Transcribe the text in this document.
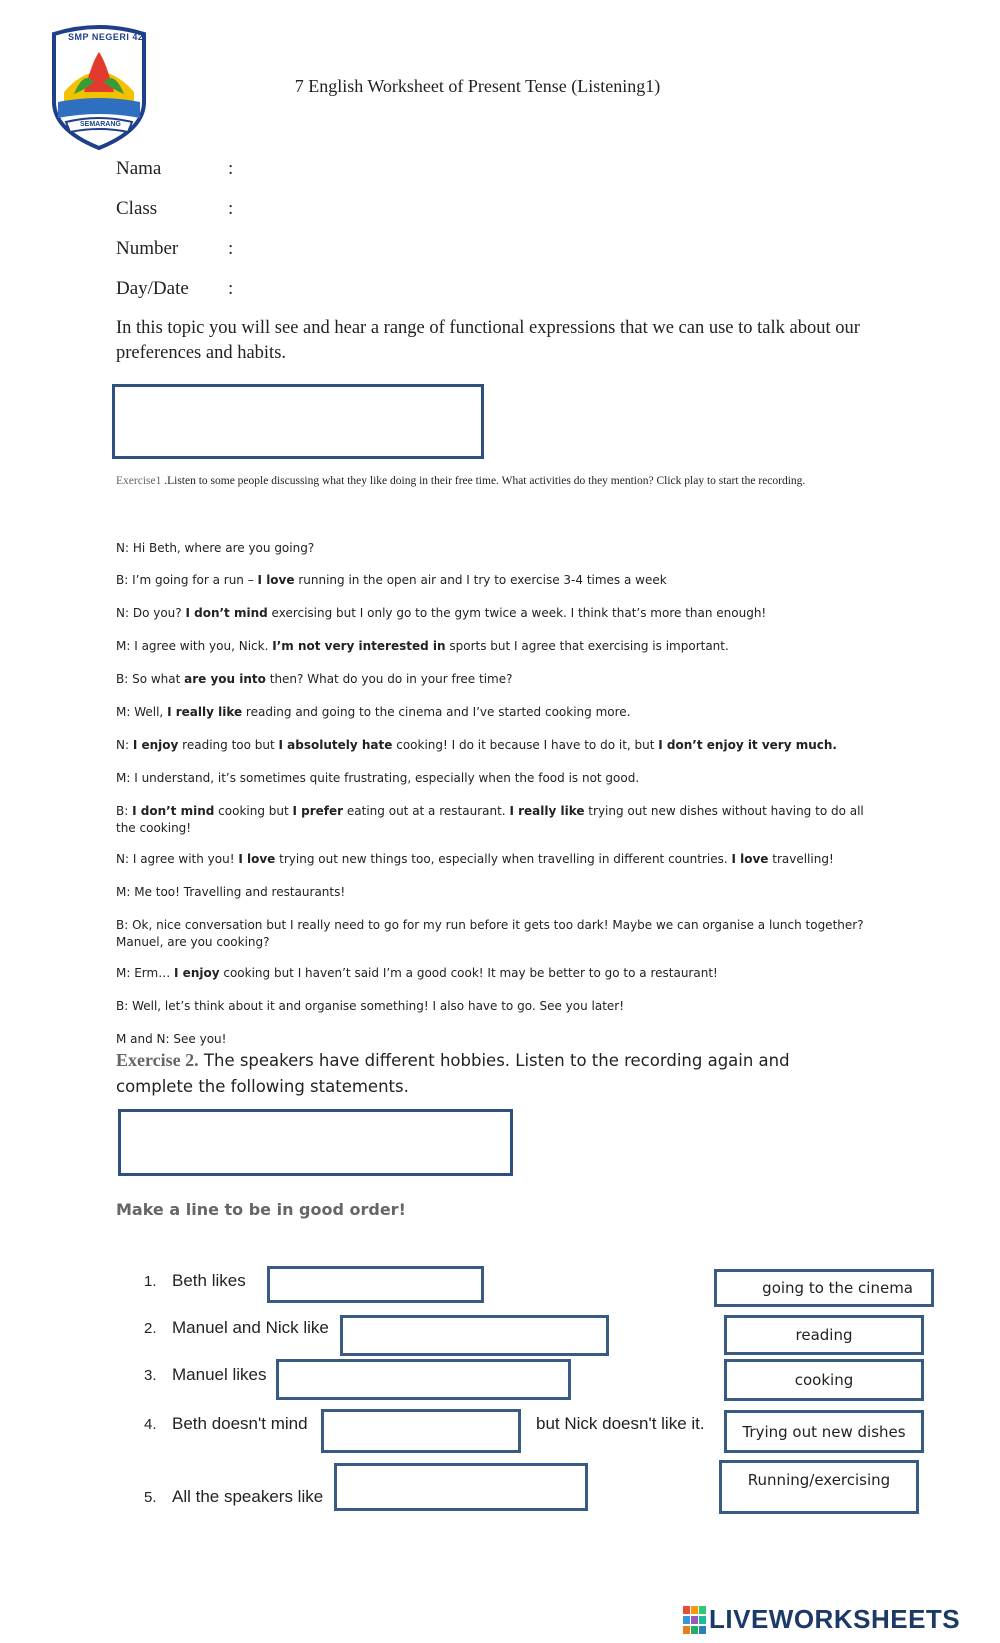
SMP NEGERI 42
SEMARANG
7 English Worksheet of Present Tense (Listening1)
Nama	:
Class	:
Number	:
Day/Date :
In this topic you will see and hear a range of functional expressions that we can use to talk about our preferences and habits.
Exercise1 .Listen to some people discussing what they like doing in their free time. What activities do they mention? Click play to start the recording.
N: Hi Beth, where are you going?
B: I’m going for a run – I love running in the open air and I try to exercise 3-4 times a week
N: Do you? I don’t mind exercising but I only go to the gym twice a week. I think that’s more than enough!
M: I agree with you, Nick. I’m not very interested in sports but I agree that exercising is important.
B: So what are you into then? What do you do in your free time?
M: Well, I really like reading and going to the cinema and I’ve started cooking more.
N: I enjoy reading too but I absolutely hate cooking! I do it because I have to do it, but I don’t enjoy it very much.
M: I understand, it’s sometimes quite frustrating, especially when the food is not good.
B: I don’t mind cooking but I prefer eating out at a restaurant. I really like trying out new dishes without having to do all the cooking!
N: I agree with you! I love trying out new things too, especially when travelling in different countries. I love travelling!
M: Me too! Travelling and restaurants!
B: Ok, nice conversation but I really need to go for my run before it gets too dark! Maybe we can organise a lunch together? Manuel, are you cooking?
M: Erm… I enjoy cooking but I haven’t said I’m a good cook! It may be better to go to a restaurant!
B: Well, let’s think about it and organise something! I also have to go. See you later!
M and N: See you!
Exercise 2. The speakers have different hobbies. Listen to the recording again and complete the following statements.
Make a line to be in good order!
1. Beth likes
2. Manuel and Nick like
3. Manuel likes
4. Beth doesn't mind	but Nick doesn't like it.
5. All the speakers like
going to the cinema
reading
cooking
Trying out new dishes
Running/exercising
LIVEWORKSHEETS
